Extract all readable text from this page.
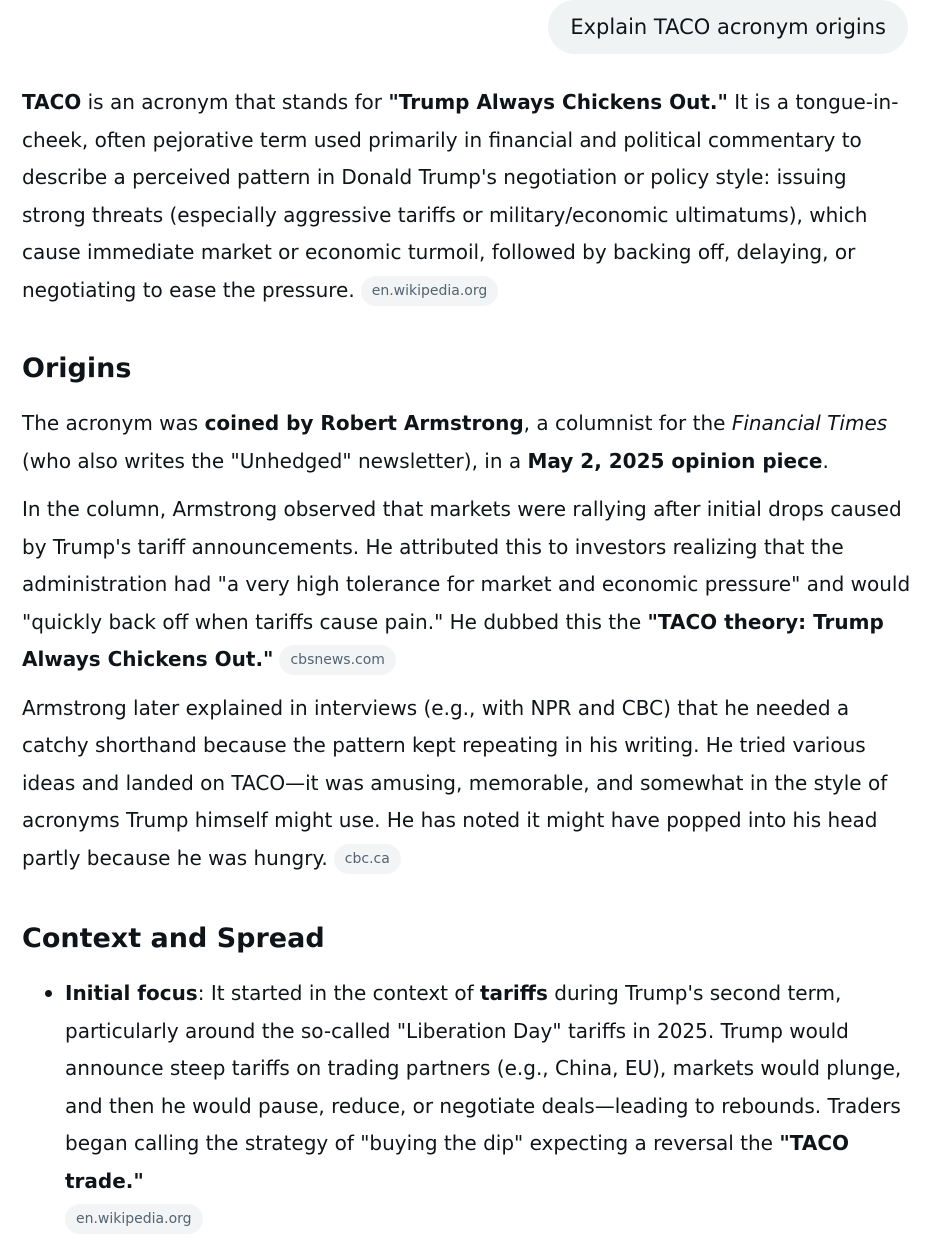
Explain TACO acronym origins

TACO is an acronym that stands for "Trump Always Chickens Out." It is a tongue-in-cheek, often pejorative term used primarily in financial and political commentary to describe a perceived pattern in Donald Trump's negotiation or policy style: issuing strong threats (especially aggressive tariffs or military/economic ultimatums), which cause immediate market or economic turmoil, followed by backing off, delaying, or negotiating to ease the pressure. en.wikipedia.org

Origins

The acronym was coined by Robert Armstrong, a columnist for the Financial Times (who also writes the "Unhedged" newsletter), in a May 2, 2025 opinion piece.

In the column, Armstrong observed that markets were rallying after initial drops caused by Trump's tariff announcements. He attributed this to investors realizing that the administration had "a very high tolerance for market and economic pressure" and would "quickly back off when tariffs cause pain." He dubbed this the "TACO theory: Trump Always Chickens Out." cbsnews.com

Armstrong later explained in interviews (e.g., with NPR and CBC) that he needed a catchy shorthand because the pattern kept repeating in his writing. He tried various ideas and landed on TACO—it was amusing, memorable, and somewhat in the style of acronyms Trump himself might use. He has noted it might have popped into his head partly because he was hungry. cbc.ca

Context and Spread
Initial focus: It started in the context of tariffs during Trump's second term, particularly around the so-called "Liberation Day" tariffs in 2025. Trump would announce steep tariffs on trading partners (e.g., China, EU), markets would plunge, and then he would pause, reduce, or negotiate deals—leading to rebounds. Traders began calling the strategy of "buying the dip" expecting a reversal the "TACO trade."
en.wikipedia.org
